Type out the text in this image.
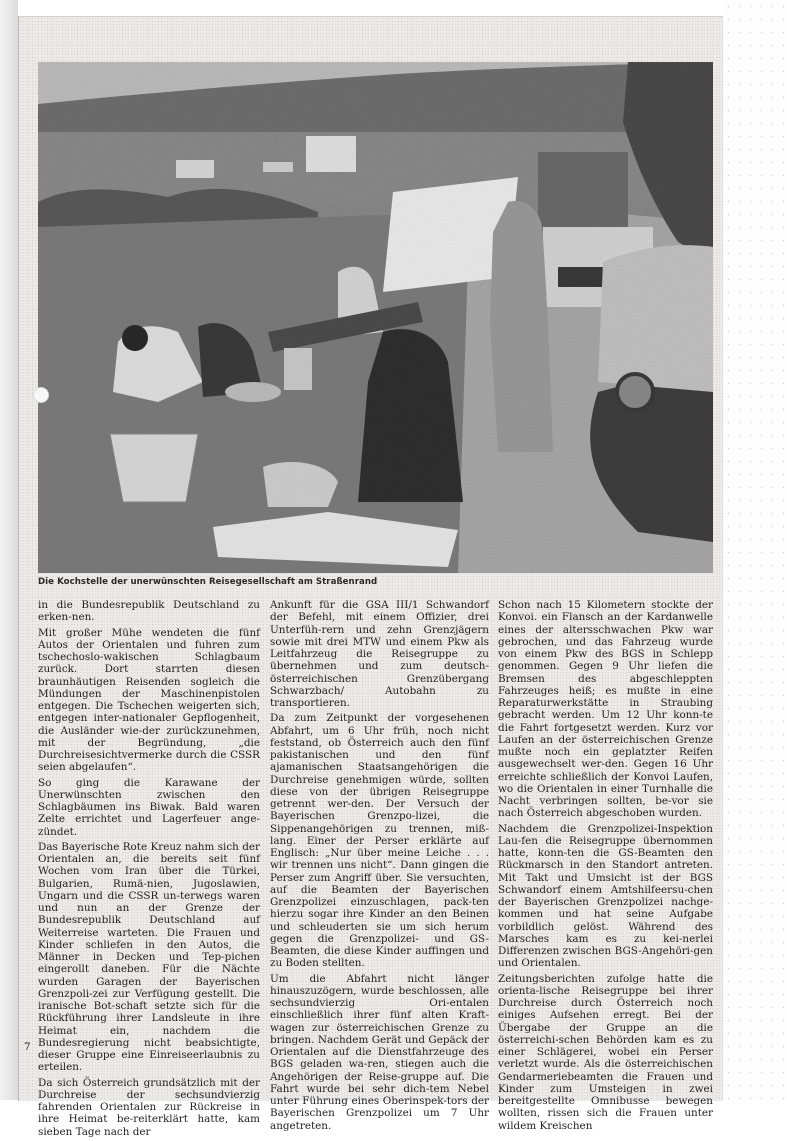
Die Kochstelle der unerwünschten Reisegesellschaft am Straßenrand

in die Bundesrepublik Deutschland zu erken-nen.

Mit großer Mühe wendeten die fünf Autos der Orientalen und fuhren zum tschechoslo-wakischen Schlagbaum zurück. Dort starrten diesen braunhäutigen Reisenden sogleich die Mündungen der Maschinenpistolen entgegen. Die Tschechen weigerten sich, entgegen inter-nationaler Gepflogenheit, die Ausländer wie-der zurückzunehmen, mit der Begründung, „die Durchreisesichtvermerke durch die CSSR seien abgelaufen“.

So ging die Karawane der Unerwünschten zwischen den Schlagbäumen ins Biwak. Bald waren Zelte errichtet und Lagerfeuer ange-zündet.

Das Bayerische Rote Kreuz nahm sich der Orientalen an, die bereits seit fünf Wochen vom Iran über die Türkei, Bulgarien, Rumä-nien, Jugoslawien, Ungarn und die CSSR un-terwegs waren und nun an der Grenze der Bundesrepublik Deutschland auf Weiterreise warteten. Die Frauen und Kinder schliefen in den Autos, die Männer in Decken und Tep-pichen eingerollt daneben. Für die Nächte wurden Garagen der Bayerischen Grenzpoli-zei zur Verfügung gestellt. Die iranische Bot-schaft setzte sich für die Rückführung ihrer Landsleute in ihre Heimat ein, nachdem die Bundesregierung nicht beabsichtigte, dieser Gruppe eine Einreiseerlaubnis zu erteilen.

Da sich Österreich grundsätzlich mit der Durchreise der sechsundvierzig fahrenden Orientalen zur Rückreise in ihre Heimat be-reiterklärt hatte, kam sieben Tage nach der

Ankunft für die GSA III/1 Schwandorf der Befehl, mit einem Offizier, drei Unterfüh-rern und zehn Grenzjägern sowie mit drei MTW und einem Pkw als Leitfahrzeug die Reisegruppe zu übernehmen und zum deutsch-österreichischen Grenzübergang Schwarzbach/ Autobahn zu transportieren.

Da zum Zeitpunkt der vorgesehenen Abfahrt, um 6 Uhr früh, noch nicht feststand, ob Österreich auch den fünf pakistanischen und den fünf ajamanischen Staatsangehörigen die Durchreise genehmigen würde, sollten diese von der übrigen Reisegruppe getrennt wer-den. Der Versuch der Bayerischen Grenzpo-lizei, die Sippenangehörigen zu trennen, miß-lang. Einer der Perser erklärte auf Englisch: „Nur über meine Leiche . . . wir trennen uns nicht“. Dann gingen die Perser zum Angriff über. Sie versuchten, auf die Beamten der Bayerischen Grenzpolizei einzuschlagen, pack-ten hierzu sogar ihre Kinder an den Beinen und schleuderten sie um sich herum gegen die Grenzpolizei- und GS-Beamten, die diese Kinder auffingen und zu Boden stellten.

Um die Abfahrt nicht länger hinauszuzögern, wurde beschlossen, alle sechsundvierzig Ori-entalen einschließlich ihrer fünf alten Kraft-wagen zur österreichischen Grenze zu bringen. Nachdem Gerät und Gepäck der Orientalen auf die Dienstfahrzeuge des BGS geladen wa-ren, stiegen auch die Angehörigen der Reise-gruppe auf. Die Fahrt wurde bei sehr dich-tem Nebel unter Führung eines Oberinspek-tors der Bayerischen Grenzpolizei um 7 Uhr angetreten.

Schon nach 15 Kilometern stockte der Konvoi. ein Flansch an der Kardanwelle eines der altersschwachen Pkw war gebrochen, und das Fahrzeug wurde von einem Pkw des BGS in Schlepp genommen. Gegen 9 Uhr liefen die Bremsen des abgeschleppten Fahrzeuges heiß; es mußte in eine Reparaturwerkstätte in Straubing gebracht werden. Um 12 Uhr konn-te die Fahrt fortgesetzt werden. Kurz vor Laufen an der österreichischen Grenze mußte noch ein geplatzter Reifen ausgewechselt wer-den. Gegen 16 Uhr erreichte schließlich der Konvoi Laufen, wo die Orientalen in einer Turnhalle die Nacht verbringen sollten, be-vor sie nach Österreich abgeschoben wurden.

Nachdem die Grenzpolizei-Inspektion Lau-fen die Reisegruppe übernommen hatte, konn-ten die GS-Beamten den Rückmarsch in den Standort antreten. Mit Takt und Umsicht ist der BGS Schwandorf einem Amtshilfeersu-chen der Bayerischen Grenzpolizei nachge-kommen und hat seine Aufgabe vorbildlich gelöst. Während des Marsches kam es zu kei-nerlei Differenzen zwischen BGS-Angehöri-gen und Orientalen.

Zeitungsberichten zufolge hatte die orienta-lische Reisegruppe bei ihrer Durchreise durch Österreich noch einiges Aufsehen erregt. Bei der Übergabe der Gruppe an die österreichi-schen Behörden kam es zu einer Schlägerei, wobei ein Perser verletzt wurde. Als die österreichischen Gendarmeriebeamten die Frauen und Kinder zum Umsteigen in zwei bereitgestellte Omnibusse bewegen wollten, rissen sich die Frauen unter wildem Kreischen

7
